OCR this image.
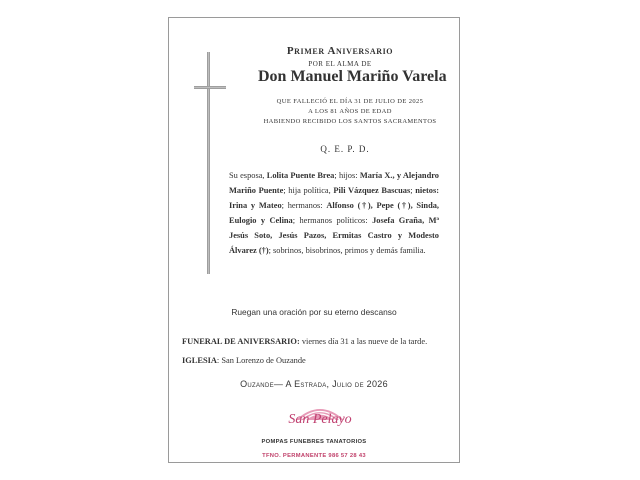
Primer Aniversario
POR EL ALMA DE
Don Manuel Mariño Varela
QUE FALLECIÓ EL DÍA 31 DE JULIO DE 2025
A LOS 81 AÑOS DE EDAD
HABIENDO RECIBIDO LOS SANTOS SACRAMENTOS
Q. E. P. D.
Su esposa, Lolita Puente Brea; hijos: María X., y Alejandro Mariño Puente; hija política, Pili Vázquez Bascuas; nietos: Irina y Mateo; hermanos: Alfonso (†), Pepe (†), Sinda, Eulogio y Celina; hermanos políticos: Josefa Graña, Mª Jesús Soto, Jesús Pazos, Ermitas Castro y Modesto Álvarez (†); sobrinos, bisobrinos, primos y demás familia.
Ruegan una oración por su eterno descanso
FUNERAL DE ANIVERSARIO: viernes día 31 a las nueve de la tarde.
IGLESIA: San Lorenzo de Ouzande
Ouzande— A Estrada, Julio de 2026
San Pelayo
POMPAS FUNEBRES TANATORIOS
TFNO. PERMANENTE 986 57 28 43
